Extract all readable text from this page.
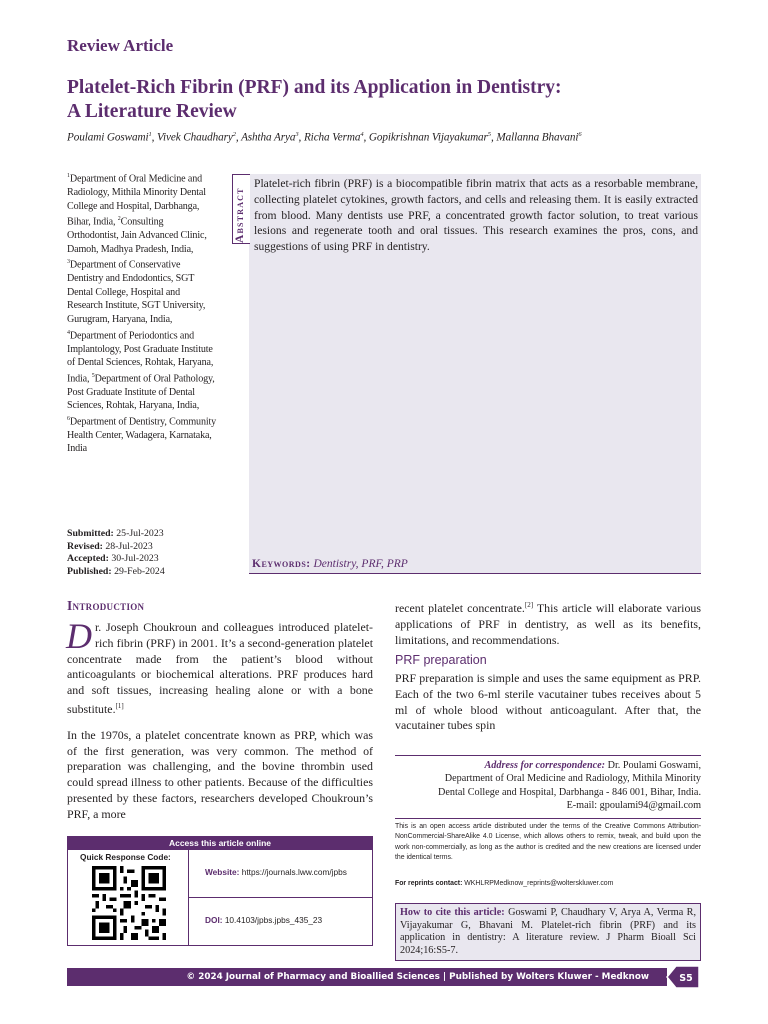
Review Article
Platelet-Rich Fibrin (PRF) and its Application in Dentistry:
A Literature Review
Poulami Goswami$^1$, Vivek Chaudhary$^2$, Ashtha Arya$^3$, Richa Verma$^4$, Gopikrishnan Vijayakumar$^5$, Mallanna Bhavani$^6$
$^1$Department of Oral Medicine and Radiology, Mithila Minority Dental College and Hospital, Darbhanga, Bihar, India, $^2$Consulting Orthodontist, Jain Advanced Clinic, Damoh, Madhya Pradesh, India, $^3$Department of Conservative Dentistry and Endodontics, SGT Dental College, Hospital and Research Institute, SGT University, Gurugram, Haryana, India, $^4$Department of Periodontics and Implantology, Post Graduate Institute of Dental Sciences, Rohtak, Haryana, India, $^5$Department of Oral Pathology, Post Graduate Institute of Dental Sciences, Rohtak, Haryana, India, $^6$Department of Dentistry, Community Health Center, Wadagera, Karnataka, India
Submitted: 25-Jul-2023
Revised: 28-Jul-2023
Accepted: 30-Jul-2023
Published: 29-Feb-2024
Abstract
Platelet-rich fibrin (PRF) is a biocompatible fibrin matrix that acts as a resorbable membrane, collecting platelet cytokines, growth factors, and cells and releasing them. It is easily extracted from blood. Many dentists use PRF, a concentrated growth factor solution, to treat various lesions and regenerate tooth and oral tissues. This research examines the pros, cons, and suggestions of using PRF in dentistry.
Keywords: Dentistry, PRF, PRP
Introduction

Dr. Joseph Choukroun and colleagues introduced platelet-rich fibrin (PRF) in 2001. It’s a second-generation platelet concentrate made from the patient’s blood without anticoagulants or biochemical alterations. PRF produces hard and soft tissues, increasing healing alone or with a bone substitute.[1]

In the 1970s, a platelet concentrate known as PRP, which was of the first generation, was very common. The method of preparation was challenging, and the bovine thrombin used could spread illness to other patients. Because of the difficulties presented by these factors, researchers developed Choukroun’s PRF, a more

recent platelet concentrate.[2] This article will elaborate various applications of PRF in dentistry, as well as its benefits, limitations, and recommendations.

PRF preparation

PRF preparation is simple and uses the same equipment as PRP. Each of the two 6-ml sterile vacutainer tubes receives about 5 ml of whole blood without anticoagulant. After that, the vacutainer tubes spin

Address for correspondence: Dr. Poulami Goswami,
Department of Oral Medicine and Radiology, Mithila Minority
Dental College and Hospital, Darbhanga - 846 001, Bihar, India.
E-mail: gpoulami94@gmail.com
This is an open access article distributed under the terms of the Creative Commons Attribution-NonCommercial-ShareAlike 4.0 License, which allows others to remix, tweak, and build upon the work non-commercially, as long as the author is credited and the new creations are licensed under the identical terms.
For reprints contact: WKHLRPMedknow_reprints@wolterskluwer.com
How to cite this article: Goswami P, Chaudhary V, Arya A, Verma R, Vijayakumar G, Bhavani M. Platelet-rich fibrin (PRF) and its application in dentistry: A literature review. J Pharm Bioall Sci 2024;16:S5-7.
Access this article online
Quick Response Code:
Website: https://journals.lww.com/jpbs
DOI: 10.4103/jpbs.jpbs_435_23
© 2024 Journal of Pharmacy and Bioallied Sciences | Published by Wolters Kluwer - Medknow	S5
